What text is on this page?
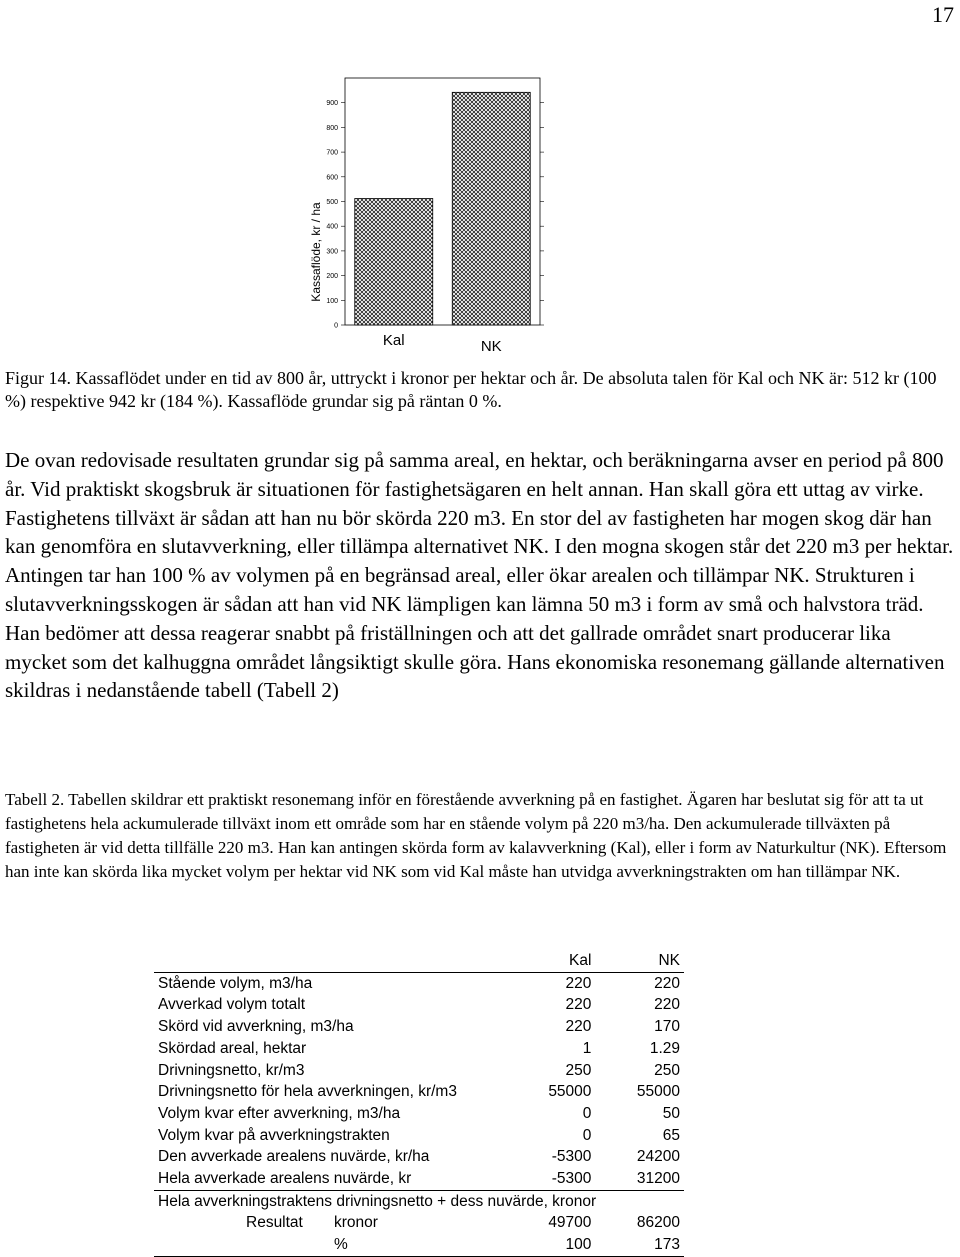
17
Kassaflöde, kr / ha
0
100
200
300
400
500
600
700
800
900
Kal	NK

Figur 14. Kassaflödet under en tid av 800 år, uttryckt i kronor per hektar och år. De absoluta talen för Kal och NK är: 512 kr (100 %) respektive 942 kr (184 %). Kassaflöde grundar sig på räntan 0 %.

De ovan redovisade resultaten grundar sig på samma areal, en hektar, och beräkningarna avser en period på 800 år. Vid praktiskt skogsbruk är situationen för fastighetsägaren en helt annan. Han skall göra ett uttag av virke. Fastighetens tillväxt är sådan att han nu bör skörda 220 m3. En stor del av fastigheten har mogen skog där han kan genomföra en slutavverkning, eller tillämpa alternativet NK. I den mogna skogen står det 220 m3 per hektar. Antingen tar han 100 % av volymen på en begränsad areal, eller ökar arealen och tillämpar NK. Strukturen i slutavverkningsskogen är sådan att han vid NK lämpligen kan lämna 50 m3 i form av små och halvstora träd. Han bedömer att dessa reagerar snabbt på friställningen och att det gallrade området snart producerar lika mycket som det kalhuggna området långsiktigt skulle göra. Hans ekonomiska resonemang gällande alternativen skildras i nedanstående tabell (Tabell 2)

Tabell 2. Tabellen skildrar ett praktiskt resonemang inför en förestående avverkning på en fastighet. Ägaren har beslutat sig för att ta ut fastighetens hela ackumulerade tillväxt inom ett område som har en stående volym på 220 m3/ha. Den ackumulerade tillväxten på fastigheten är vid detta tillfälle 220 m3. Han kan antingen skörda form av kalavverkning (Kal), eller i form av Naturkultur (NK). Eftersom han inte kan skörda lika mycket volym per hektar vid NK som vid Kal måste han utvidga avverkningstrakten om han tillämpar NK.

	Kal	NK
Stående volym, m3/ha	220	220
Avverkad volym totalt	220	220
Skörd vid avverkning, m3/ha	220	170
Skördad areal, hektar	1	1.29
Drivningsnetto, kr/m3	250	250
Drivningsnetto för hela avverkningen, kr/m3	55000	55000
Volym kvar efter avverkning, m3/ha	0	50
Volym kvar på avverkningstrakten	0	65
Den avverkade arealens nuvärde, kr/ha	-5300	24200
Hela avverkade arealens nuvärde, kr	-5300	31200
Hela avverkningstraktens drivningsnetto + dess nuvärde, kronor		
Resultat kronor	49700	86200
%	100	173
